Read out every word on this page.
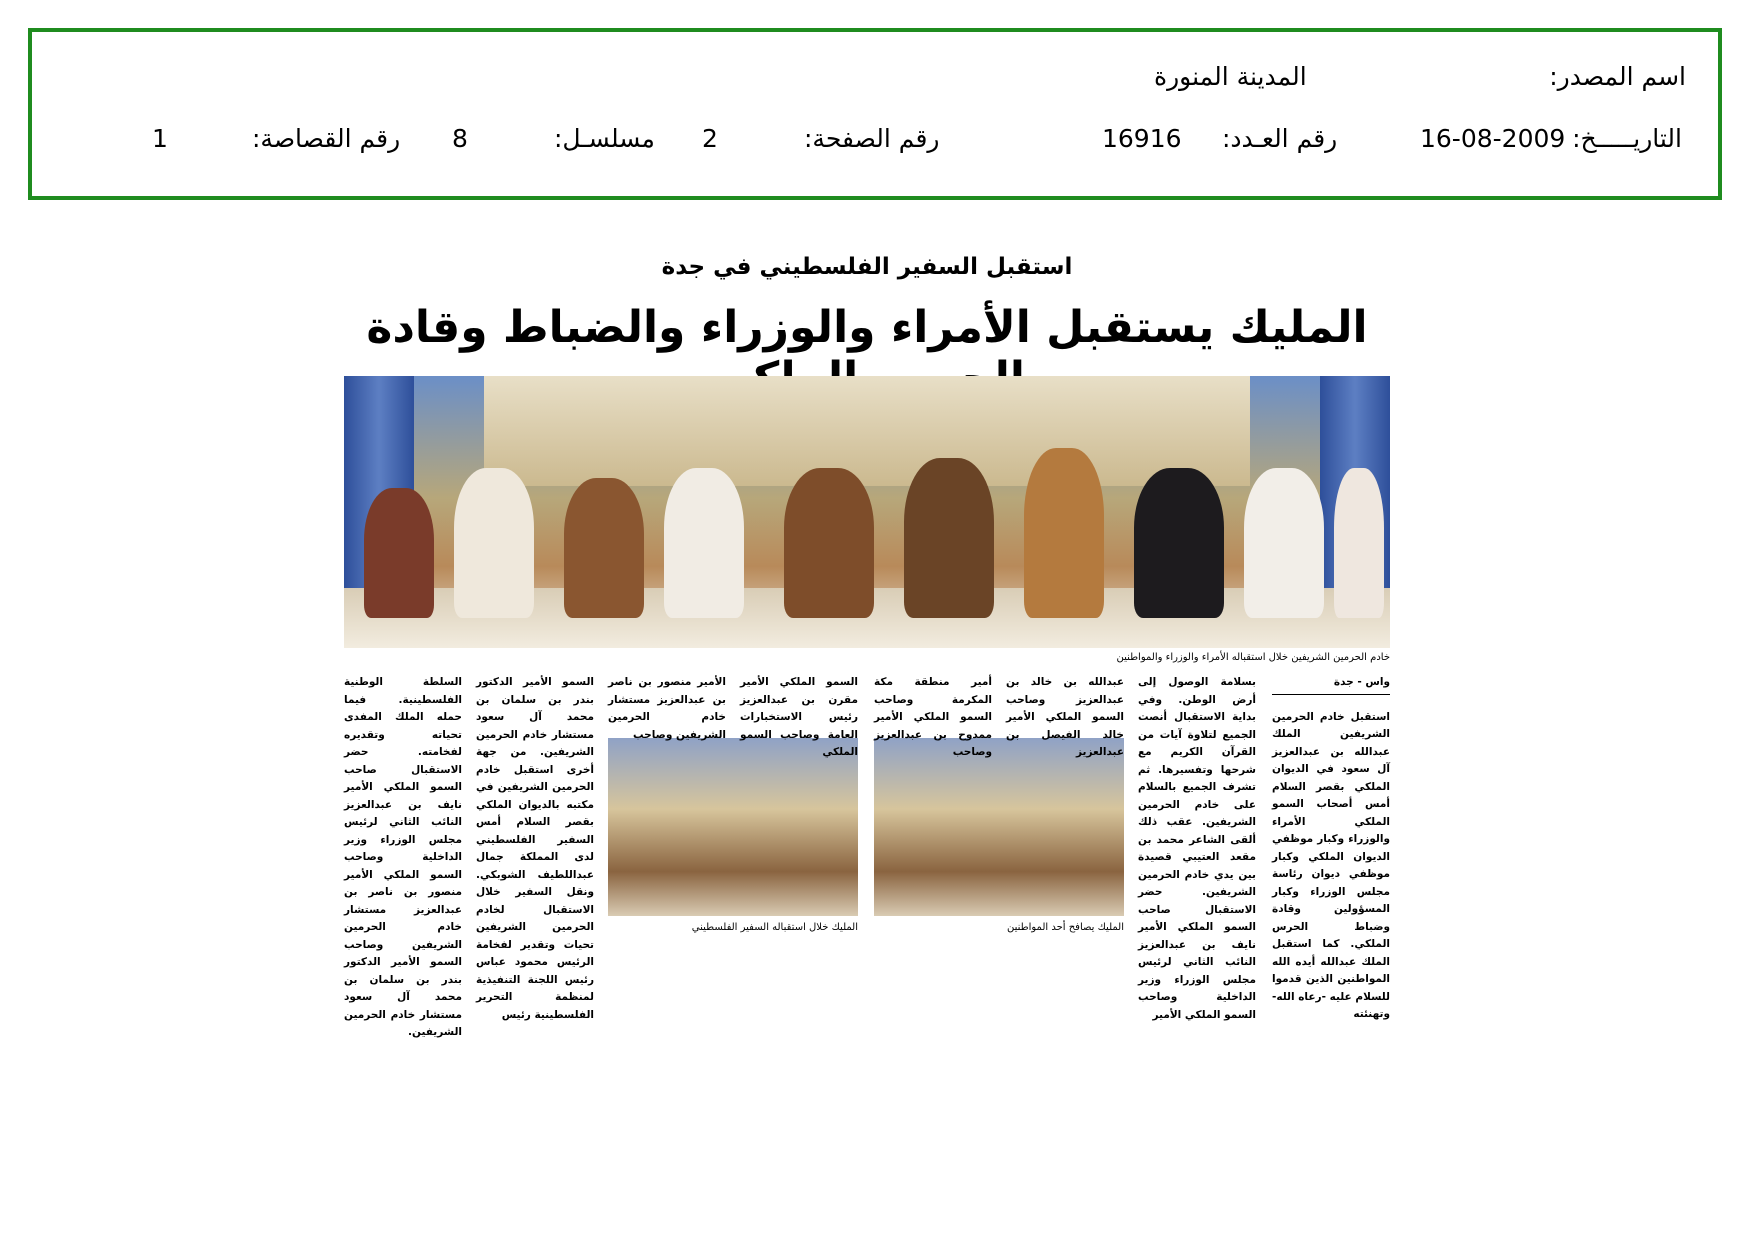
اسم المصدر:
المدينة المنورة
التاريـــــخ:
16-08-2009
رقم العـدد:
16916
رقم الصفحة:
2
مسلسـل:
8
رقم القصاصة:
1
استقبل السفير الفلسطيني في جدة
المليك يستقبل الأمراء والوزراء والضباط وقادة
خادم الحرمين الشريفين خلال استقباله الأمراء والوزراء والمواطنين
المليك يصافح أحد المواطنين
المليك خلال استقباله السفير الفلسطيني
واس - جدة
استقبل خادم الحرمين الشريفين الملك عبدالله بن عبدالعزيز آل سعود في الديوان الملكي بقصر السلام أمس أصحاب السمو الملكي الأمراء والوزراء وكبار موظفي الديوان الملكي وكبار موظفي ديوان رئاسة مجلس الوزراء وكبار المسؤولين وقادة وضباط الحرس الملكي. كما استقبل الملك عبدالله أيده الله المواطنين الذين قدموا للسلام عليه -رعاه الله- وتهنئته
بسلامة الوصول إلى أرض الوطن. وفي بداية الاستقبال أنصت الجميع لتلاوة آيات من القرآن الكريم مع شرحها وتفسيرها. ثم تشرف الجميع بالسلام على خادم الحرمين الشريفين. عقب ذلك ألقى الشاعر محمد بن مقعد العتيبي قصيدة بين يدي خادم الحرمين الشريفين. حضر الاستقبال صاحب السمو الملكي الأمير نايف بن عبدالعزيز النائب الثاني لرئيس مجلس الوزراء وزير الداخلية وصاحب السمو الملكي الأمير
عبدالله بن خالد بن عبدالعزيز وصاحب السمو الملكي الأمير خالد الفيصل بن عبدالعزيز
أمير منطقة مكة المكرمة وصاحب السمو الملكي الأمير ممدوح بن عبدالعزيز وصاحب
السمو الملكي الأمير مقرن بن عبدالعزيز رئيس الاستخبارات العامة وصاحب السمو الملكي
الأمير منصور بن ناصر بن عبدالعزيز مستشار خادم الحرمين الشريفين وصاحب
السمو الأمير الدكتور بندر بن سلمان بن محمد آل سعود مستشار خادم الحرمين الشريفين. من جهة أخرى استقبل خادم الحرمين الشريفين في مكتبه بالديوان الملكي بقصر السلام أمس السفير الفلسطيني لدى المملكة جمال عبداللطيف الشوبكي. ونقل السفير خلال الاستقبال لخادم الحرمين الشريفين تحيات وتقدير لفخامة الرئيس محمود عباس رئيس اللجنة التنفيذية لمنظمة التحرير الفلسطينية رئيس
السلطة الوطنية الفلسطينية. فيما حمله الملك المفدى تحياته وتقديره لفخامته. حضر الاستقبال صاحب السمو الملكي الأمير نايف بن عبدالعزيز النائب الثاني لرئيس مجلس الوزراء وزير الداخلية وصاحب السمو الملكي الأمير منصور بن ناصر بن عبدالعزيز مستشار خادم الحرمين الشريفين وصاحب السمو الأمير الدكتور بندر بن سلمان بن محمد آل سعود مستشار خادم الحرمين الشريفين.
